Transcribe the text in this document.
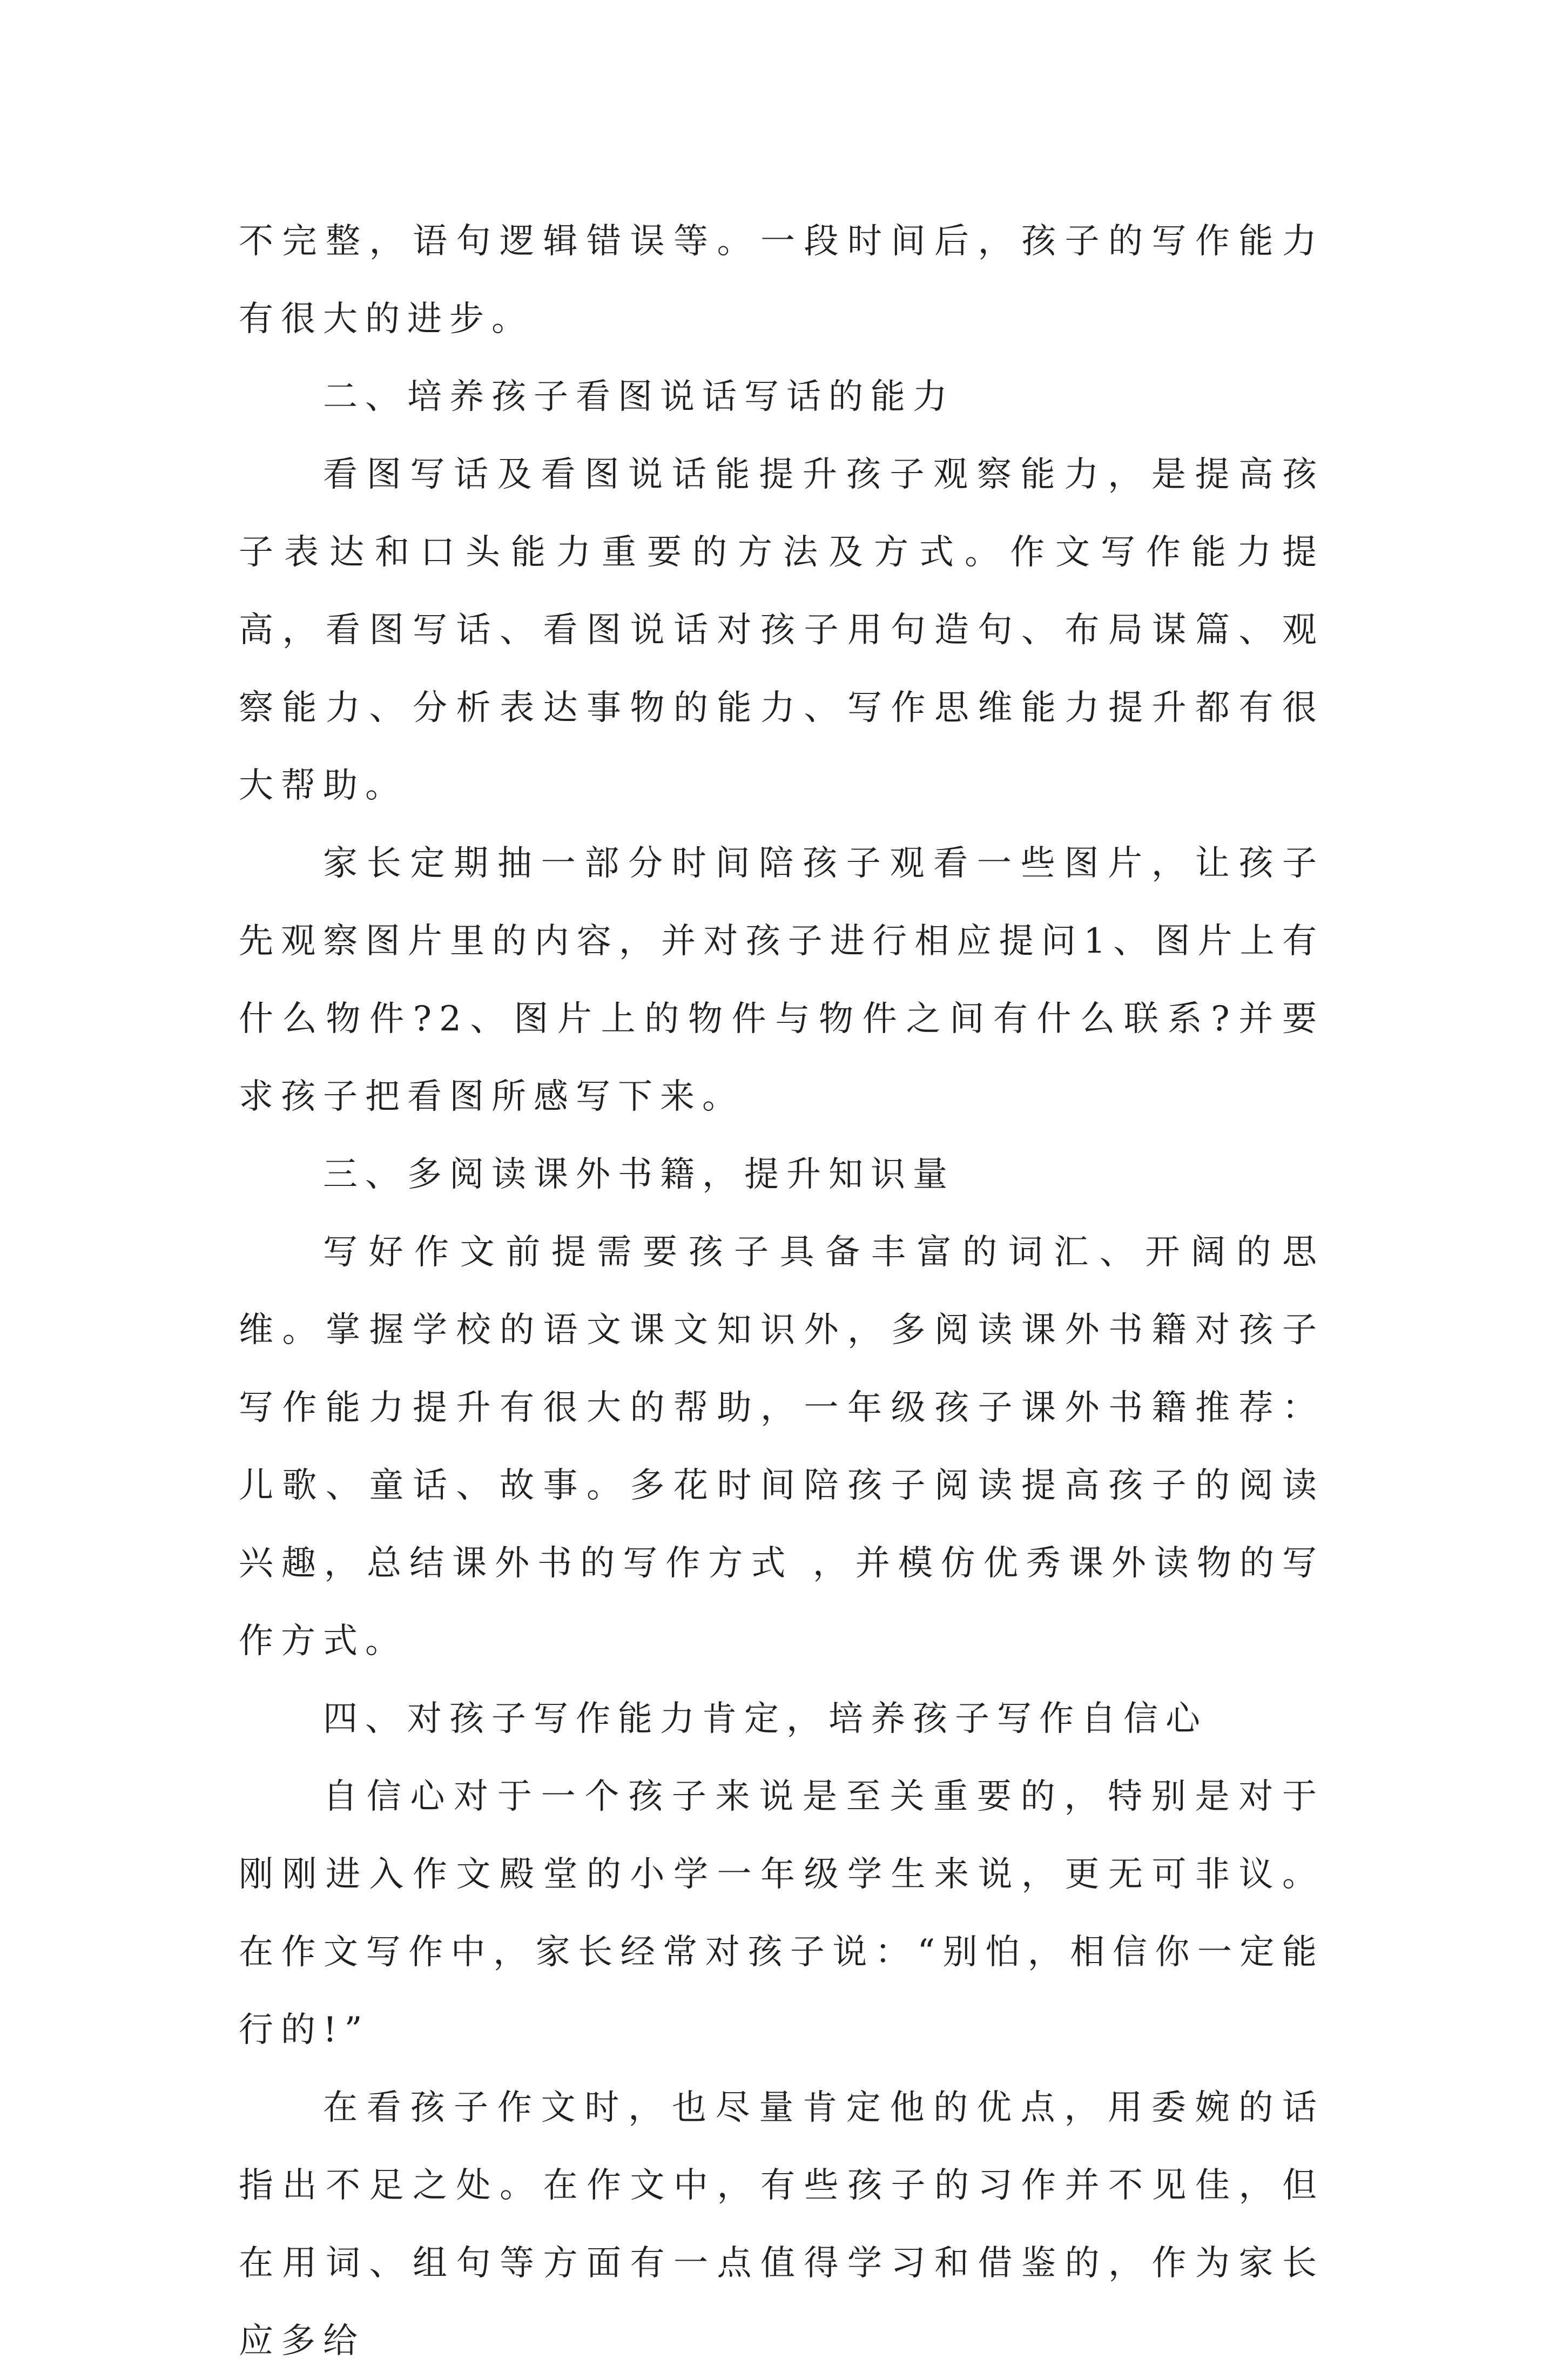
不完整，语句逻辑错误等。一段时间后，孩子的写作能力有很大的进步。

二、培养孩子看图说话写话的能力

看图写话及看图说话能提升孩子观察能力，是提高孩子表达和口头能力重要的方法及方式。作文写作能力提高，看图写话、看图说话对孩子用句造句、布局谋篇、观察能力、分析表达事物的能力、写作思维能力提升都有很大帮助。

家长定期抽一部分时间陪孩子观看一些图片，让孩子先观察图片里的内容，并对孩子进行相应提问1、图片上有什么物件?2、图片上的物件与物件之间有什么联系?并要求孩子把看图所感写下来。

三、多阅读课外书籍，提升知识量

写好作文前提需要孩子具备丰富的词汇、开阔的思维。掌握学校的语文课文知识外，多阅读课外书籍对孩子写作能力提升有很大的帮助，一年级孩子课外书籍推荐：儿歌、童话、故事。多花时间陪孩子阅读提高孩子的阅读兴趣，总结课外书的写作方式 ，并模仿优秀课外读物的写作方式。

四、对孩子写作能力肯定，培养孩子写作自信心

自信心对于一个孩子来说是至关重要的，特别是对于刚刚进入作文殿堂的小学一年级学生来说，更无可非议。在作文写作中，家长经常对孩子说：“别怕，相信你一定能行的!”

在看孩子作文时，也尽量肯定他的优点，用委婉的话指出不足之处。在作文中，有些孩子的习作并不见佳，但在用词、组句等方面有一点值得学习和借鉴的，作为家长应多给
